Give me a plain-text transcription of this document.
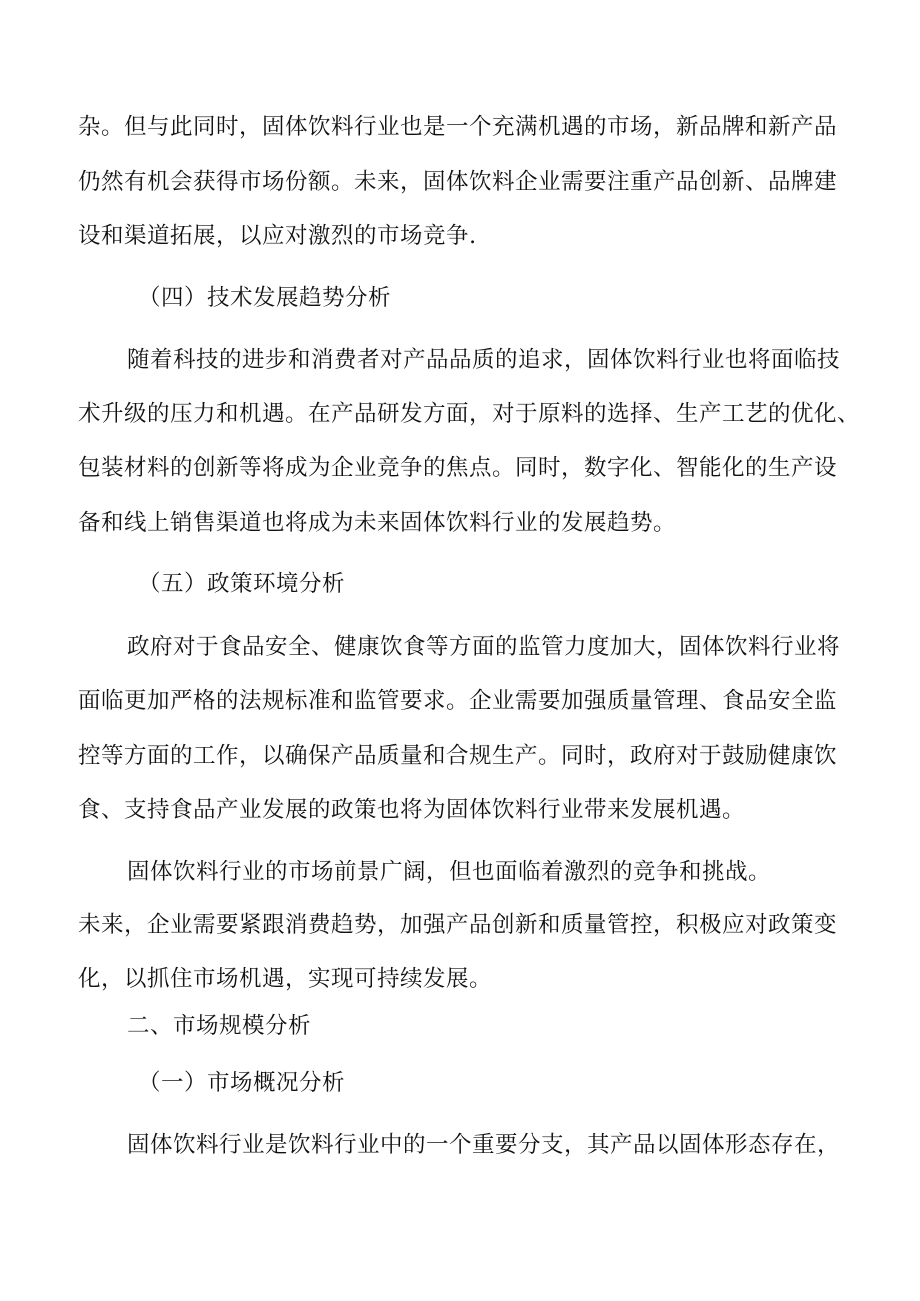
杂。但与此同时，固体饮料行业也是一个充满机遇的市场，新品牌和新产品
仍然有机会获得市场份额。未来，固体饮料企业需要注重产品创新、品牌建
设和渠道拓展，以应对激烈的市场竞争.
（四）技术发展趋势分析
随着科技的进步和消费者对产品品质的追求，固体饮料行业也将面临技
术升级的压力和机遇。在产品研发方面，对于原料的选择、生产工艺的优化、
包装材料的创新等将成为企业竞争的焦点。同时，数字化、智能化的生产设
备和线上销售渠道也将成为未来固体饮料行业的发展趋势。
（五）政策环境分析
政府对于食品安全、健康饮食等方面的监管力度加大，固体饮料行业将
面临更加严格的法规标准和监管要求。企业需要加强质量管理、食品安全监
控等方面的工作，以确保产品质量和合规生产。同时，政府对于鼓励健康饮
食、支持食品产业发展的政策也将为固体饮料行业带来发展机遇。
固体饮料行业的市场前景广阔，但也面临着激烈的竞争和挑战。
未来，企业需要紧跟消费趋势，加强产品创新和质量管控，积极应对政策变
化，以抓住市场机遇，实现可持续发展。
二、市场规模分析
（一）市场概况分析
固体饮料行业是饮料行业中的一个重要分支，其产品以固体形态存在，
